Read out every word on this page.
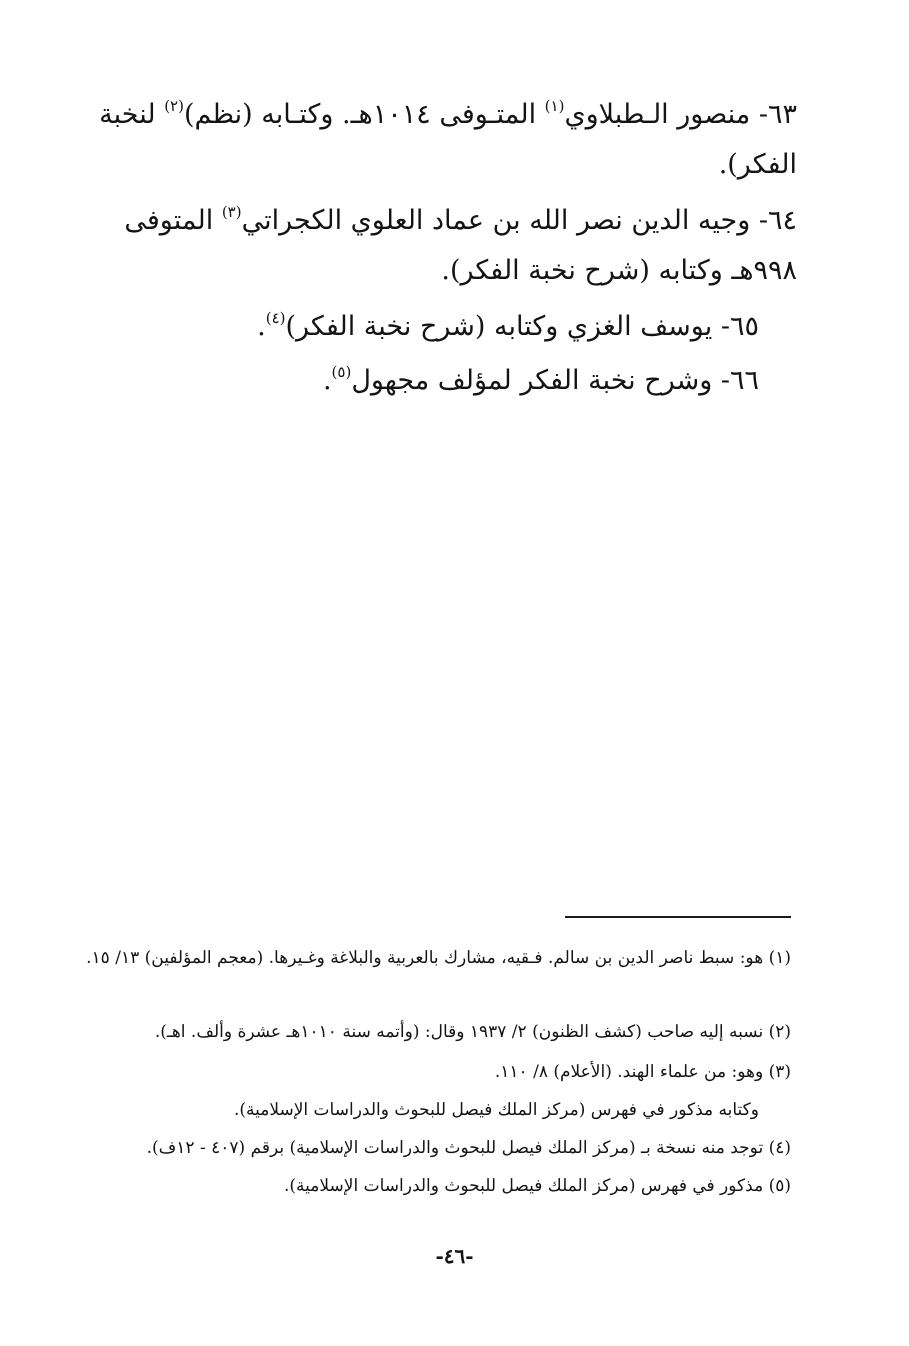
٦٣- منصور الـطبلاوي$^{(١)}$ المتـوفى ١٠١٤هـ. وكتـابه (نظم)$^{(٢)}$ لنخبة الفكر).
٦٤- وجيه الدين نصر الله بن عماد العلوي الكجراتي$^{(٣)}$ المتوفى ٩٩٨هـ وكتابه (شرح نخبة الفكر).
٦٥- يوسف الغزي وكتابه (شرح نخبة الفكر)$^{(٤)}$.
٦٦- وشرح نخبة الفكر لمؤلف مجهول$^{(٥)}$.
(١) هو: سبط ناصر الدين بن سالم. فـقيه، مشارك بالعربية والبلاغة وغـيرها. (معجم المؤلفين) ١٣/ ١٥.
(٢) نسبه إليه صاحب (كشف الظنون) ٢/ ١٩٣٧ وقال: (وأتمه سنة ١٠١٠هـ عشرة وألف. اهـ).
(٣) وهو: من علماء الهند. (الأعلام) ٨/ ١١٠.
وكتابه مذكور في فهرس (مركز الملك فيصل للبحوث والدراسات الإسلامية).
(٤) توجد منه نسخة بـ (مركز الملك فيصل للبحوث والدراسات الإسلامية) برقم (٤٠٧ - ١٢ف).
(٥) مذكور في فهرس (مركز الملك فيصل للبحوث والدراسات الإسلامية).
-٤٦-
